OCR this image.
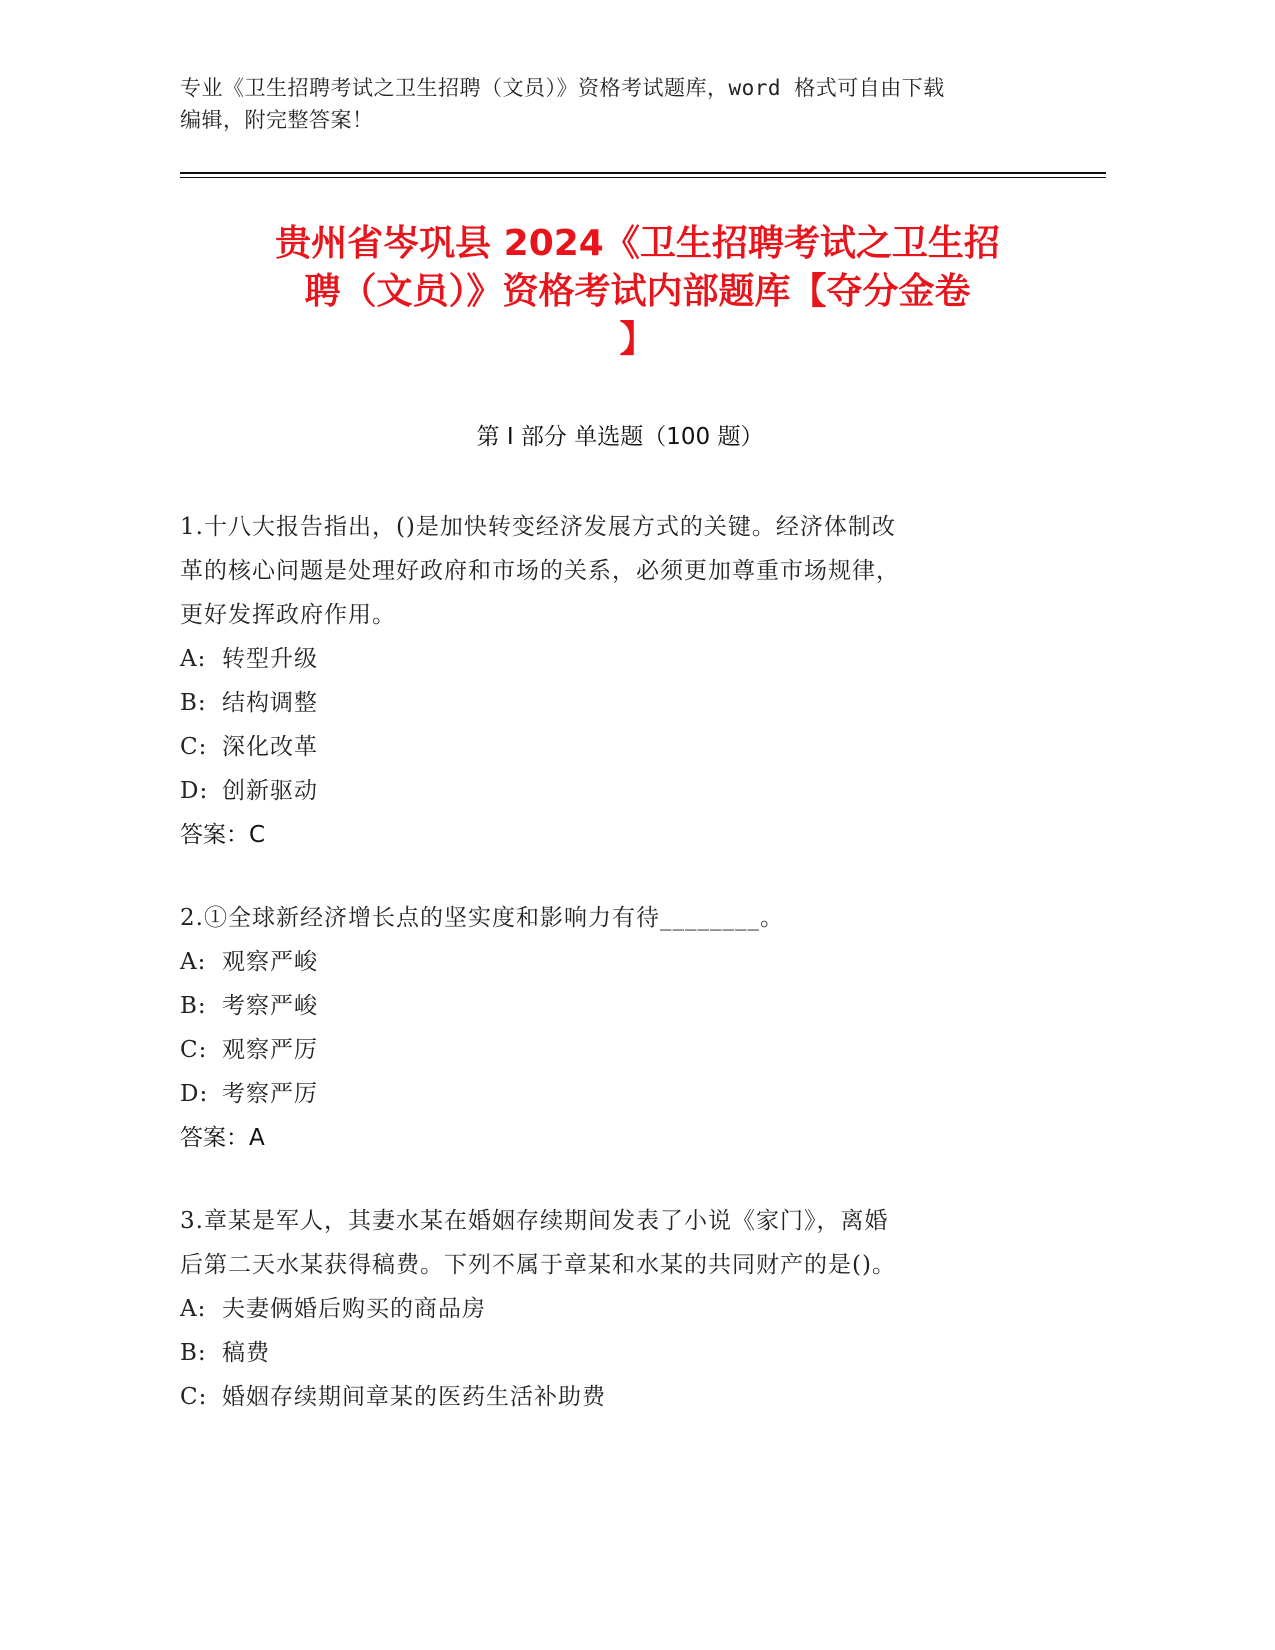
专业《卫生招聘考试之卫生招聘（文员）》资格考试题库，word 格式可自由下载
编辑，附完整答案！
贵州省岑巩县 2024《卫生招聘考试之卫生招
聘（文员）》资格考试内部题库【夺分金卷
】
第 I 部分 单选题（100 题）
1.十八大报告指出，()是加快转变经济发展方式的关键。经济体制改
革的核心问题是处理好政府和市场的关系，必须更加尊重市场规律，
更好发挥政府作用。
A: 转型升级
B: 结构调整
C: 深化改革
D: 创新驱动
答案：C
2.①全球新经济增长点的坚实度和影响力有待________。
A: 观察严峻
B: 考察严峻
C: 观察严厉
D: 考察严厉
答案：A
3.章某是军人，其妻水某在婚姻存续期间发表了小说《家门》，离婚
后第二天水某获得稿费。下列不属于章某和水某的共同财产的是()。
A: 夫妻俩婚后购买的商品房
B: 稿费
C: 婚姻存续期间章某的医药生活补助费
